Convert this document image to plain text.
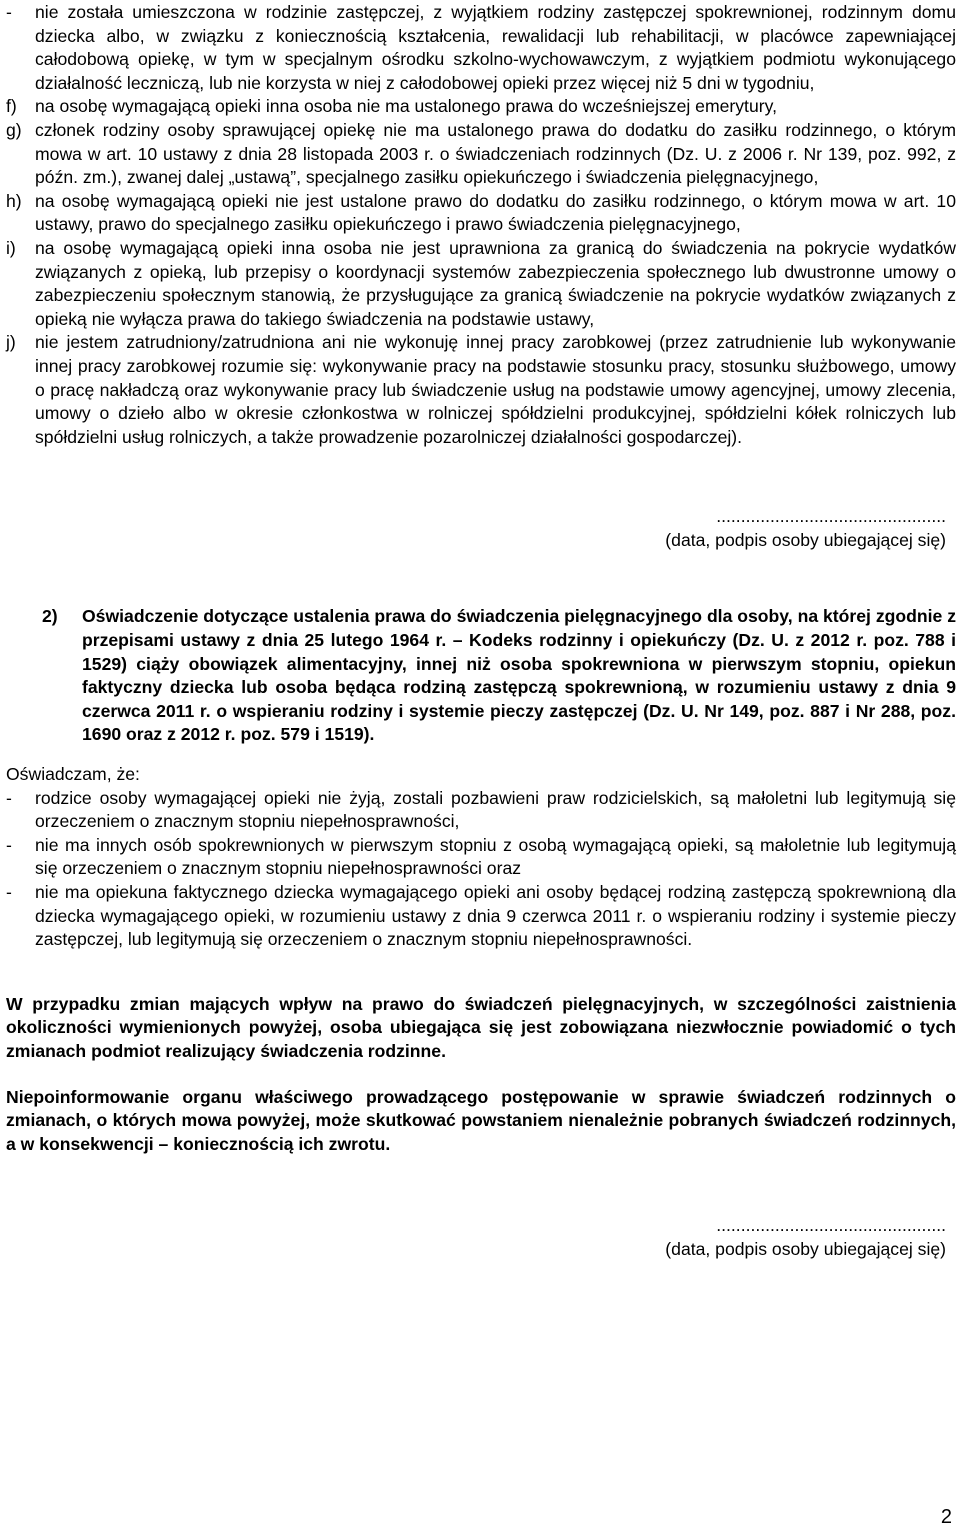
- nie została umieszczona w rodzinie zastępczej, z wyjątkiem rodziny zastępczej spokrewnionej, rodzinnym domu dziecka albo, w związku z koniecznością kształcenia, rewalidacji lub rehabilitacji, w placówce zapewniającej całodobową opiekę, w tym w specjalnym ośrodku szkolno-wychowawczym, z wyjątkiem podmiotu wykonującego działalność leczniczą, lub nie korzysta w niej z całodobowej opieki przez więcej niż 5 dni w tygodniu,
f) na osobę wymagającą opieki inna osoba nie ma ustalonego prawa do wcześniejszej emerytury,
g) członek rodziny osoby sprawującej opiekę nie ma ustalonego prawa do dodatku do zasiłku rodzinnego, o którym mowa w art. 10 ustawy z dnia 28 listopada 2003 r. o świadczeniach rodzinnych (Dz. U. z 2006 r. Nr 139, poz. 992, z późn. zm.), zwanej dalej „ustawą”, specjalnego zasiłku opiekuńczego i świadczenia pielęgnacyjnego,
h) na osobę wymagającą opieki nie jest ustalone prawo do dodatku do zasiłku rodzinnego, o którym mowa w art. 10 ustawy, prawo do specjalnego zasiłku opiekuńczego i prawo świadczenia pielęgnacyjnego,
i) na osobę wymagającą opieki inna osoba nie jest uprawniona za granicą do świadczenia na pokrycie wydatków związanych z opieką, lub przepisy o koordynacji systemów zabezpieczenia społecznego lub dwustronne umowy o zabezpieczeniu społecznym stanowią, że przysługujące za granicą świadczenie na pokrycie wydatków związanych z opieką nie wyłącza prawa do takiego świadczenia na podstawie ustawy,
j) nie jestem zatrudniony/zatrudniona ani nie wykonuję innej pracy zarobkowej (przez zatrudnienie lub wykonywanie innej pracy zarobkowej rozumie się: wykonywanie pracy na podstawie stosunku pracy, stosunku służbowego, umowy o pracę nakładczą oraz wykonywanie pracy lub świadczenie usług na podstawie umowy agencyjnej, umowy zlecenia, umowy o dzieło albo w okresie członkostwa w rolniczej spółdzielni produkcyjnej, spółdzielni kółek rolniczych lub spółdzielni usług rolniczych, a także prowadzenie pozarolniczej działalności gospodarczej).
...............................................
(data, podpis osoby ubiegającej się)
2) Oświadczenie dotyczące ustalenia prawa do świadczenia pielęgnacyjnego dla osoby, na której zgodnie z przepisami ustawy z dnia 25 lutego 1964 r. – Kodeks rodzinny i opiekuńczy (Dz. U. z 2012 r. poz. 788 i 1529) ciąży obowiązek alimentacyjny, innej niż osoba spokrewniona w pierwszym stopniu, opiekun faktyczny dziecka lub osoba będąca rodziną zastępczą spokrewnioną, w rozumieniu ustawy z dnia 9 czerwca 2011 r. o wspieraniu rodziny i systemie pieczy zastępczej (Dz. U. Nr 149, poz. 887 i Nr 288, poz. 1690 oraz z 2012 r. poz. 579 i 1519).

Oświadczam, że:

- rodzice osoby wymagającej opieki nie żyją, zostali pozbawieni praw rodzicielskich, są małoletni lub legitymują się orzeczeniem o znacznym stopniu niepełnosprawności,
- nie ma innych osób spokrewnionych w pierwszym stopniu z osobą wymagającą opieki, są małoletnie lub legitymują się orzeczeniem o znacznym stopniu niepełnosprawności oraz
- nie ma opiekuna faktycznego dziecka wymagającego opieki ani osoby będącej rodziną zastępczą spokrewnioną dla dziecka wymagającego opieki, w rozumieniu ustawy z dnia 9 czerwca 2011 r. o wspieraniu rodziny i systemie pieczy zastępczej, lub legitymują się orzeczeniem o znacznym stopniu niepełnosprawności.

W przypadku zmian mających wpływ na prawo do świadczeń pielęgnacyjnych, w szczególności zaistnienia okoliczności wymienionych powyżej, osoba ubiegająca się jest zobowiązana niezwłocznie powiadomić o tych zmianach podmiot realizujący świadczenia rodzinne.

Niepoinformowanie organu właściwego prowadzącego postępowanie w sprawie świadczeń rodzinnych o zmianach, o których mowa powyżej, może skutkować powstaniem nienależnie pobranych świadczeń rodzinnych, a w konsekwencji – koniecznością ich zwrotu.

...............................................
(data, podpis osoby ubiegającej się)
2
